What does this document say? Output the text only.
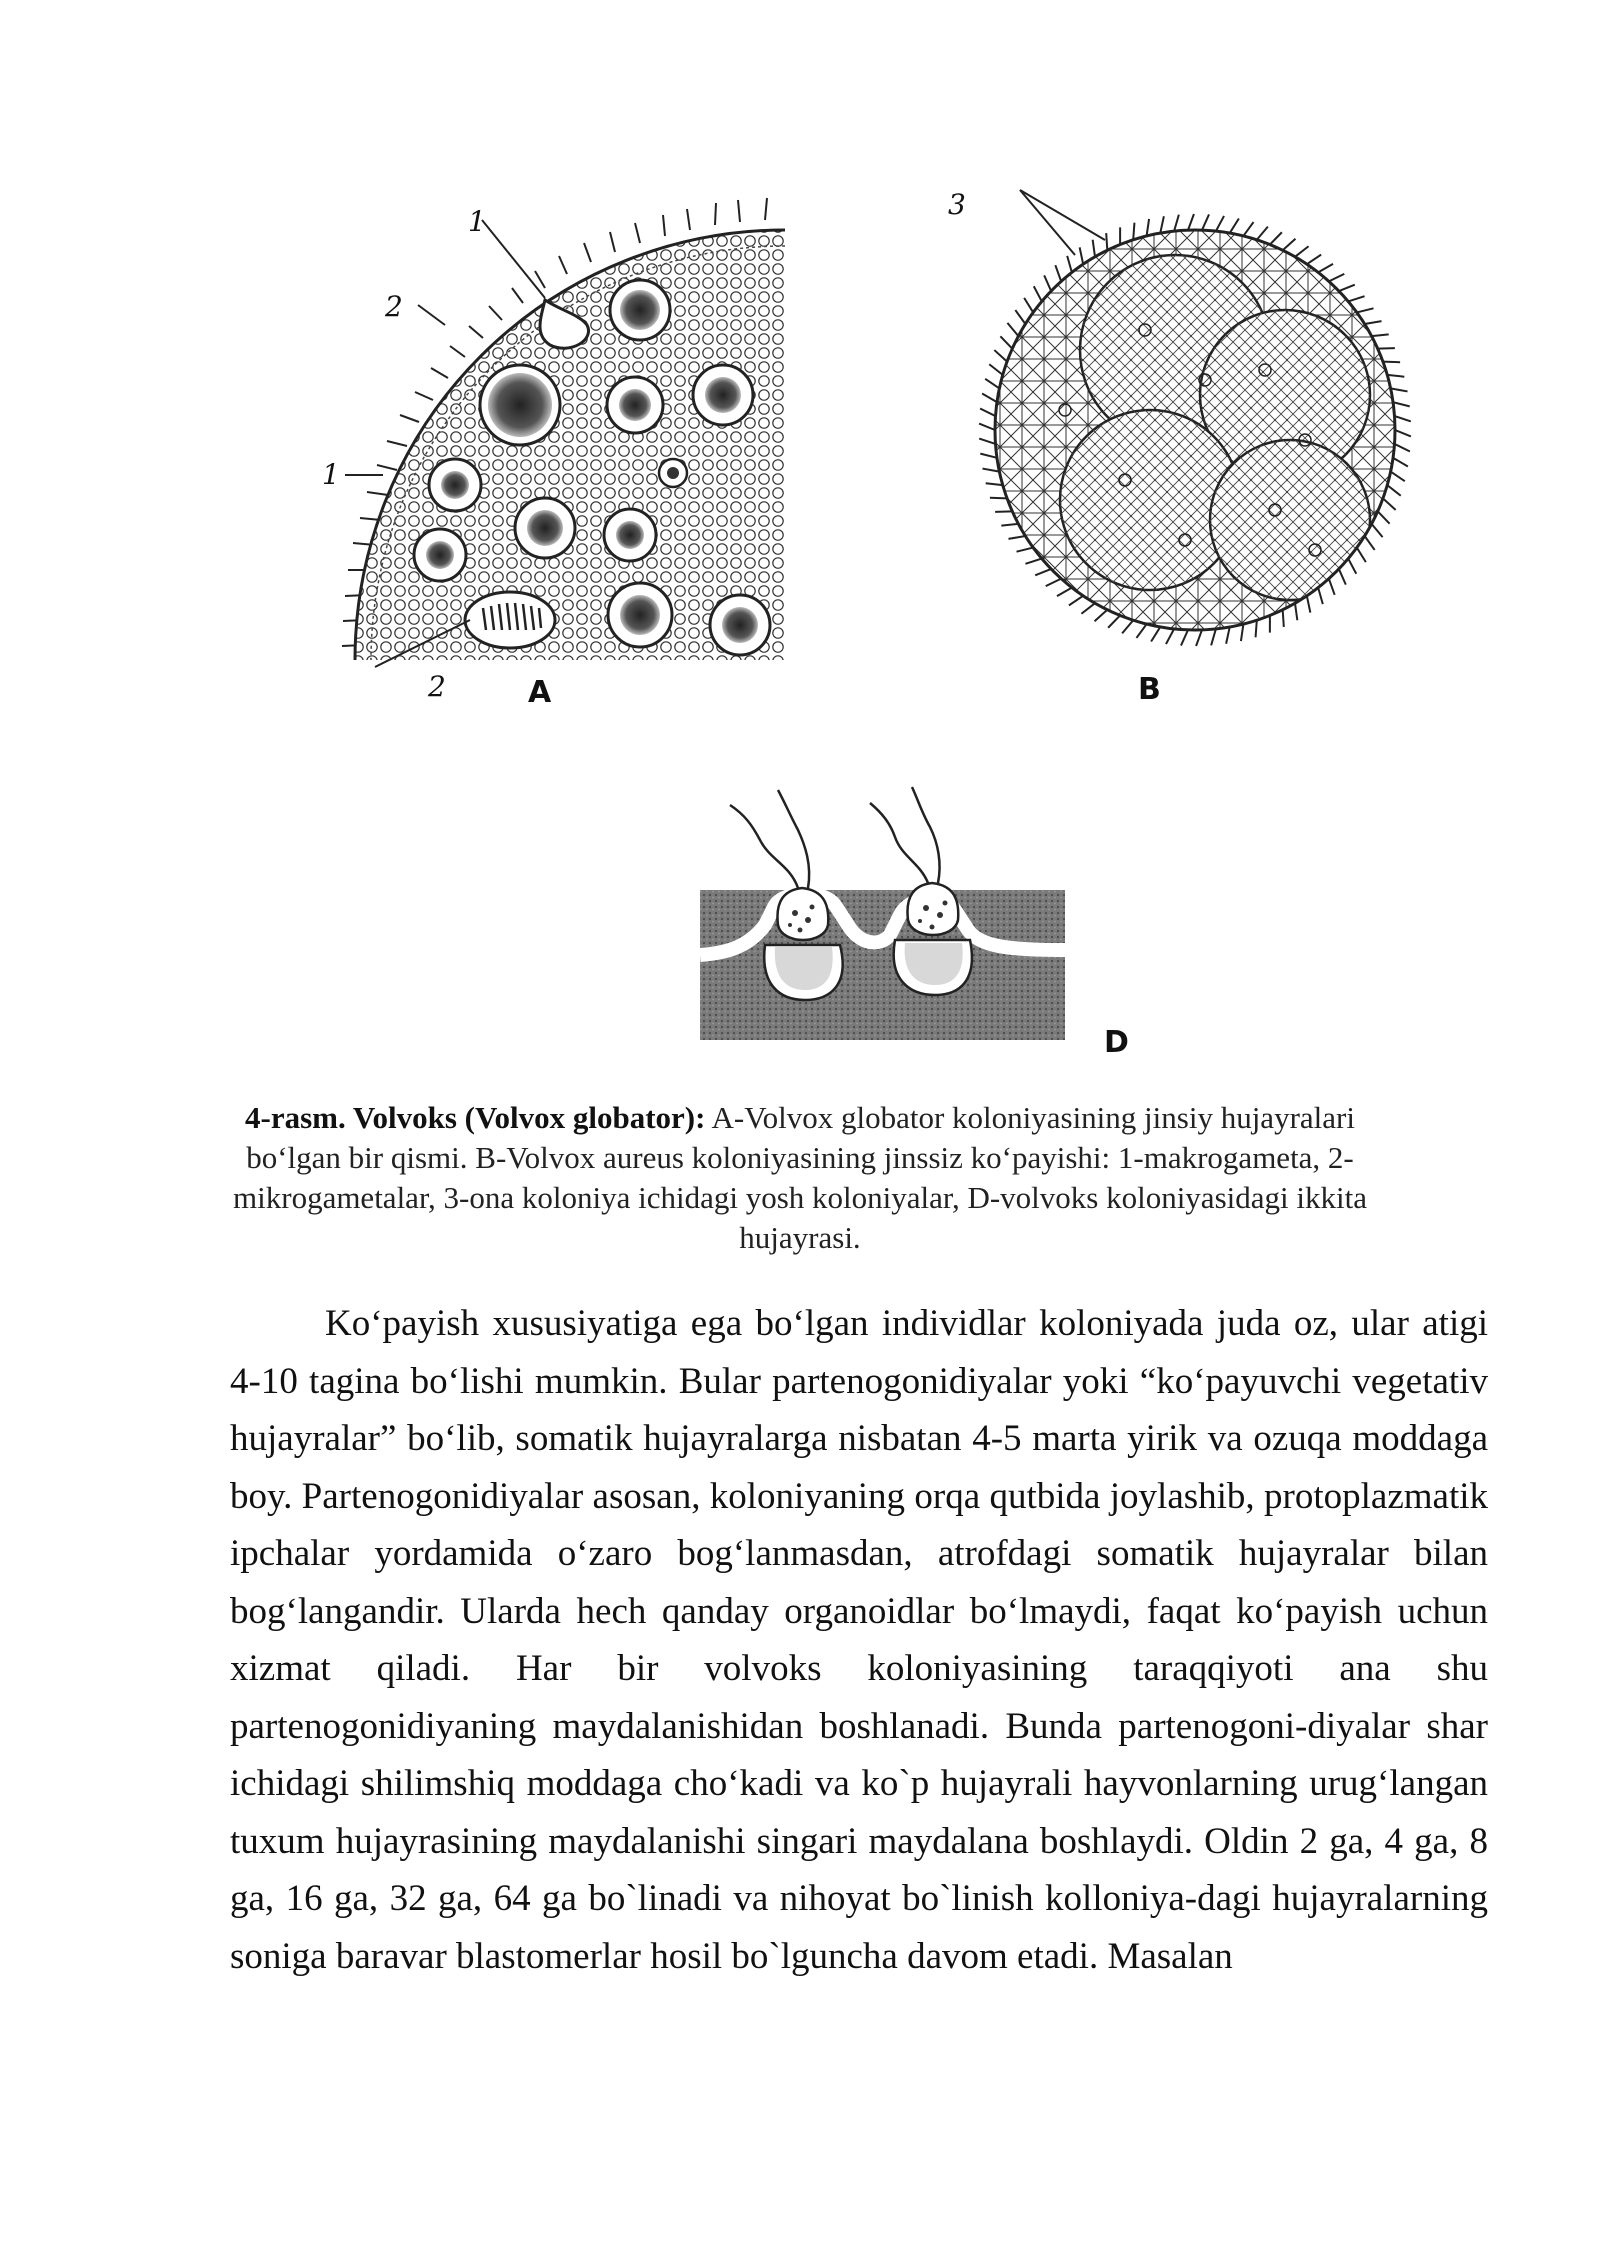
1
2
1
2	A
3
B
D
4-rasm. Volvoks (Volvox globator): A-Volvox globator koloniyasining jinsiy hujayralari bo‘lgan bir qismi. B-Volvox aureus koloniyasining jinssiz ko‘payishi: 1-makrogameta, 2-mikrogametalar, 3-ona koloniya ichidagi yosh koloniyalar, D-volvoks koloniyasidagi ikkita hujayrasi.

Ko‘payish xususiyatiga ega bo‘lgan individlar koloniyada juda oz, ular atigi 4-10 tagina bo‘lishi mumkin. Bular partenogonidiyalar yoki “ko‘payuvchi vegetativ hujayralar” bo‘lib, somatik hujayralarga nisbatan 4-5 marta yirik va ozuqa moddaga boy. Partenogonidiyalar asosan, koloniyaning orqa qutbida joylashib, protoplazmatik ipchalar yordamida o‘zaro bog‘lanmasdan, atrofdagi somatik hujayralar bilan bog‘langandir. Ularda hech qanday organoidlar bo‘lmaydi, faqat ko‘payish uchun xizmat qiladi. Har bir volvoks koloniyasining taraqqiyoti ana shu partenogonidiyaning maydalanishidan boshlanadi. Bunda partenogoni-diyalar shar ichidagi shilimshiq moddaga cho‘kadi va ko`p hujayrali hayvonlarning urug‘langan tuxum hujayrasining maydalanishi singari maydalana boshlaydi. Oldin 2 ga, 4 ga, 8 ga, 16 ga, 32 ga, 64 ga bo`linadi va nihoyat bo`linish kolloniya-dagi hujayralarning soniga baravar blastomerlar hosil bo`lguncha davom etadi. Masalan
